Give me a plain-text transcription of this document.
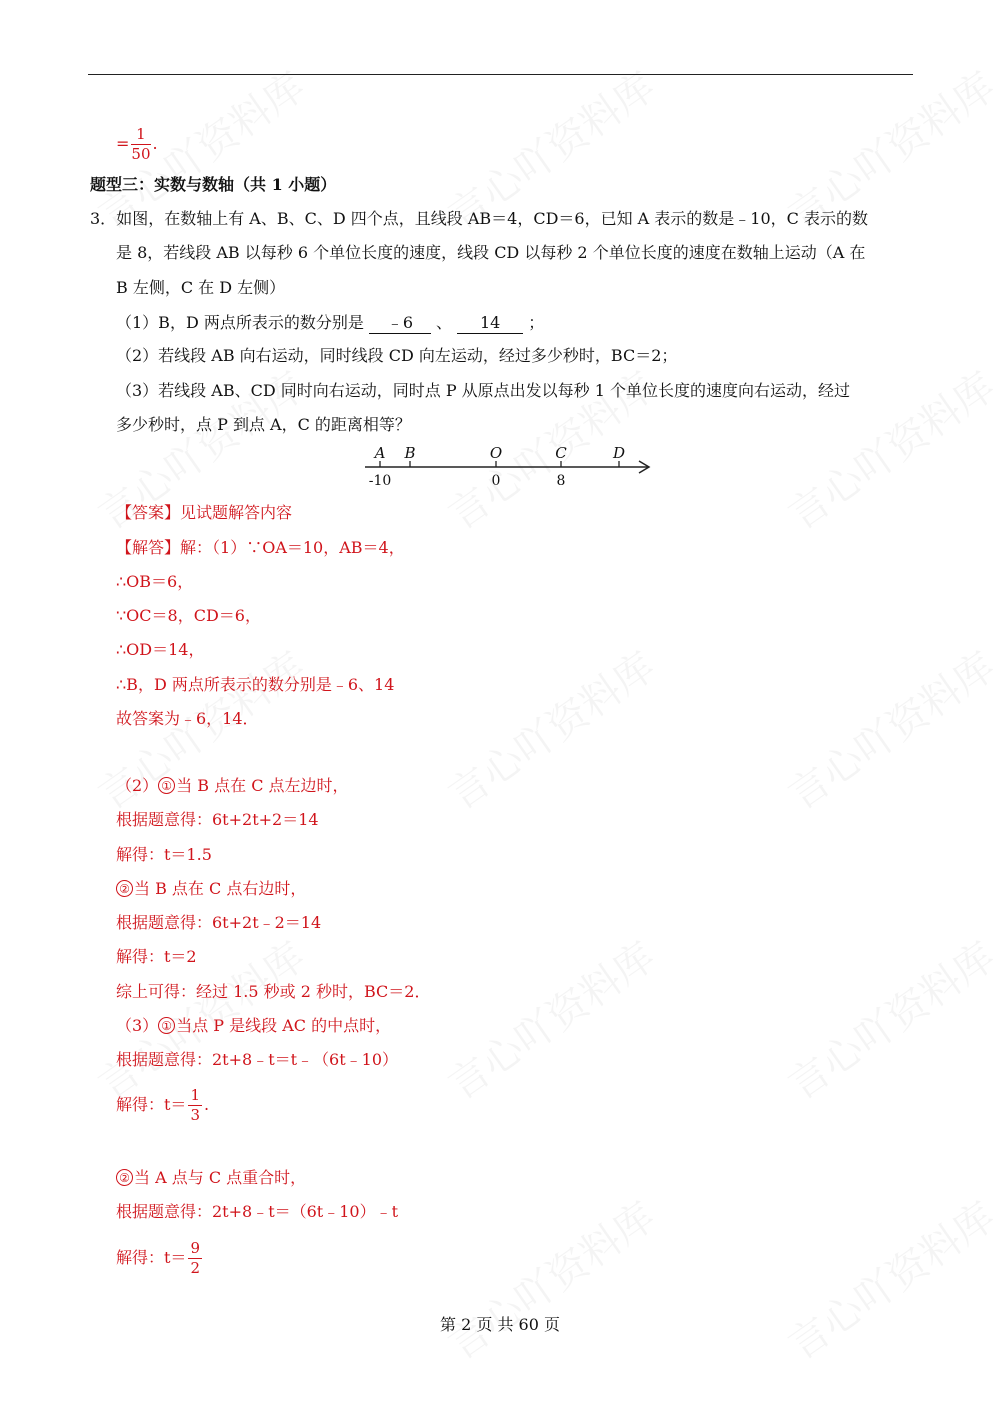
= $\frac{1}{50}$ .
题型三：实数与数轴（共 1 小题）
3．如图，在数轴上有 A、B、C、D 四个点，且线段 AB＝4，CD＝6，已知 A 表示的数是﹣10，C 表示的数
是 8，若线段 AB 以每秒 6 个单位长度的速度，线段 CD 以每秒 2 个单位长度的速度在数轴上运动（A 在
B 左侧，C 在 D 左侧）
（1）B，D 两点所表示的数分别是 ﹣6 、 14 ；
（2）若线段 AB 向右运动，同时线段 CD 向左运动，经过多少秒时，BC＝2；
（3）若线段 AB、CD 同时向右运动，同时点 P 从原点出发以每秒 1 个单位长度的速度向右运动，经过
多少秒时，点 P 到点 A，C 的距离相等？
A
-10
B	O
0
C
8
D
【答案】见试题解答内容
【解答】解：（1）∵OA＝10，AB＝4，
∴OB＝6，
∵OC＝8，CD＝6，
∴OD＝14，
∴B，D 两点所表示的数分别是﹣6、14
故答案为﹣6，14．
（2） ① 当 B 点在 C 点左边时，
根据题意得：6t+2t+2＝14
解得：t＝1.5
② 当 B 点在 C 点右边时，
根据题意得：6t+2t﹣2＝14
解得：t＝2
综上可得：经过 1.5 秒或 2 秒时，BC＝2．
（3） ① 当点 P 是线段 AC 的中点时，
根据题意得：2t+8﹣t＝t﹣（6t﹣10）
解得：$t= \frac{1}{3}$ .
② 当 A 点与 C 点重合时，
根据题意得：2t+8﹣t＝（6t﹣10）﹣t
解得：$t= \frac{9}{2}$
第 2 页 共 60 页
